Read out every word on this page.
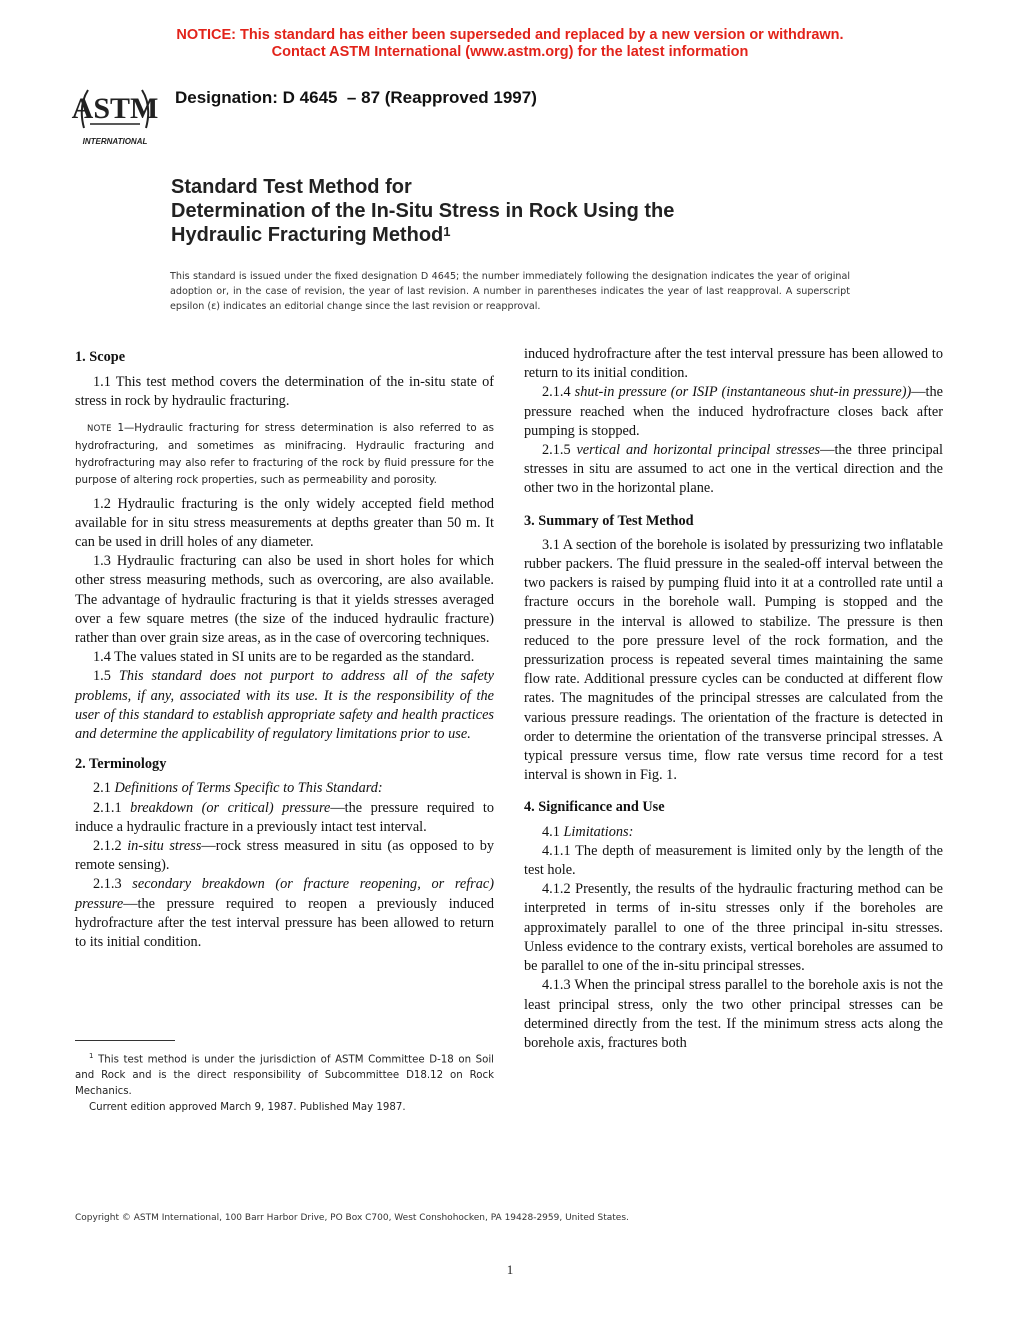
NOTICE: This standard has either been superseded and replaced by a new version or withdrawn.
Contact ASTM International (www.astm.org) for the latest information
ASTM
INTERNATIONAL
Designation: D 4645  – 87 (Reapproved 1997)
Standard Test Method for
Determination of the In-Situ Stress in Rock Using the
Hydraulic Fracturing Method$^1$
This standard is issued under the fixed designation D 4645; the number immediately following the designation indicates the year of original adoption or, in the case of revision, the year of last revision. A number in parentheses indicates the year of last reapproval. A superscript epsilon (ε) indicates an editorial change since the last revision or reapproval.
1. Scope

1.1 This test method covers the determination of the in-situ state of stress in rock by hydraulic fracturing.

NOTE 1—Hydraulic fracturing for stress determination is also referred to as hydrofracturing, and sometimes as minifracing. Hydraulic fracturing and hydrofracturing may also refer to fracturing of the rock by fluid pressure for the purpose of altering rock properties, such as permeability and porosity.

1.2 Hydraulic fracturing is the only widely accepted field method available for in situ stress measurements at depths greater than 50 m. It can be used in drill holes of any diameter.

1.3 Hydraulic fracturing can also be used in short holes for which other stress measuring methods, such as overcoring, are also available. The advantage of hydraulic fracturing is that it yields stresses averaged over a few square metres (the size of the induced hydraulic fracture) rather than over grain size areas, as in the case of overcoring techniques.

1.4 The values stated in SI units are to be regarded as the standard.

1.5 This standard does not purport to address all of the safety problems, if any, associated with its use. It is the responsibility of the user of this standard to establish appropriate safety and health practices and determine the applicability of regulatory limitations prior to use.

2. Terminology

2.1 Definitions of Terms Specific to This Standard:

2.1.1 breakdown (or critical) pressure—the pressure required to induce a hydraulic fracture in a previously intact test interval.

2.1.2 in-situ stress—rock stress measured in situ (as opposed to by remote sensing).

2.1.3 secondary breakdown (or fracture reopening, or refrac) pressure—the pressure required to reopen a previously induced hydrofracture after the test interval pressure has been allowed to return to its initial condition.

$^1$ This test method is under the jurisdiction of ASTM Committee D-18 on Soil and Rock and is the direct responsibility of Subcommittee D18.12 on Rock Mechanics.

Current edition approved March 9, 1987. Published May 1987.

induced hydrofracture after the test interval pressure has been allowed to return to its initial condition.

2.1.4 shut-in pressure (or ISIP (instantaneous shut-in pressure))—the pressure reached when the induced hydrofracture closes back after pumping is stopped.

2.1.5 vertical and horizontal principal stresses—the three principal stresses in situ are assumed to act one in the vertical direction and the other two in the horizontal plane.

3. Summary of Test Method

3.1 A section of the borehole is isolated by pressurizing two inflatable rubber packers. The fluid pressure in the sealed-off interval between the two packers is raised by pumping fluid into it at a controlled rate until a fracture occurs in the borehole wall. Pumping is stopped and the pressure in the interval is allowed to stabilize. The pressure is then reduced to the pore pressure level of the rock formation, and the pressurization process is repeated several times maintaining the same flow rate. Additional pressure cycles can be conducted at different flow rates. The magnitudes of the principal stresses are calculated from the various pressure readings. The orientation of the fracture is detected in order to determine the orientation of the transverse principal stresses. A typical pressure versus time, flow rate versus time record for a test interval is shown in Fig. 1.

4. Significance and Use

4.1 Limitations:

4.1.1 The depth of measurement is limited only by the length of the test hole.

4.1.2 Presently, the results of the hydraulic fracturing method can be interpreted in terms of in-situ stresses only if the boreholes are approximately parallel to one of the three principal in-situ stresses. Unless evidence to the contrary exists, vertical boreholes are assumed to be parallel to one of the in-situ principal stresses.

4.1.3 When the principal stress parallel to the borehole axis is not the least principal stress, only the two other principal stresses can be determined directly from the test. If the minimum stress acts along the borehole axis, fractures both

Copyright © ASTM International, 100 Barr Harbor Drive, PO Box C700, West Conshohocken, PA 19428-2959, United States.
1
